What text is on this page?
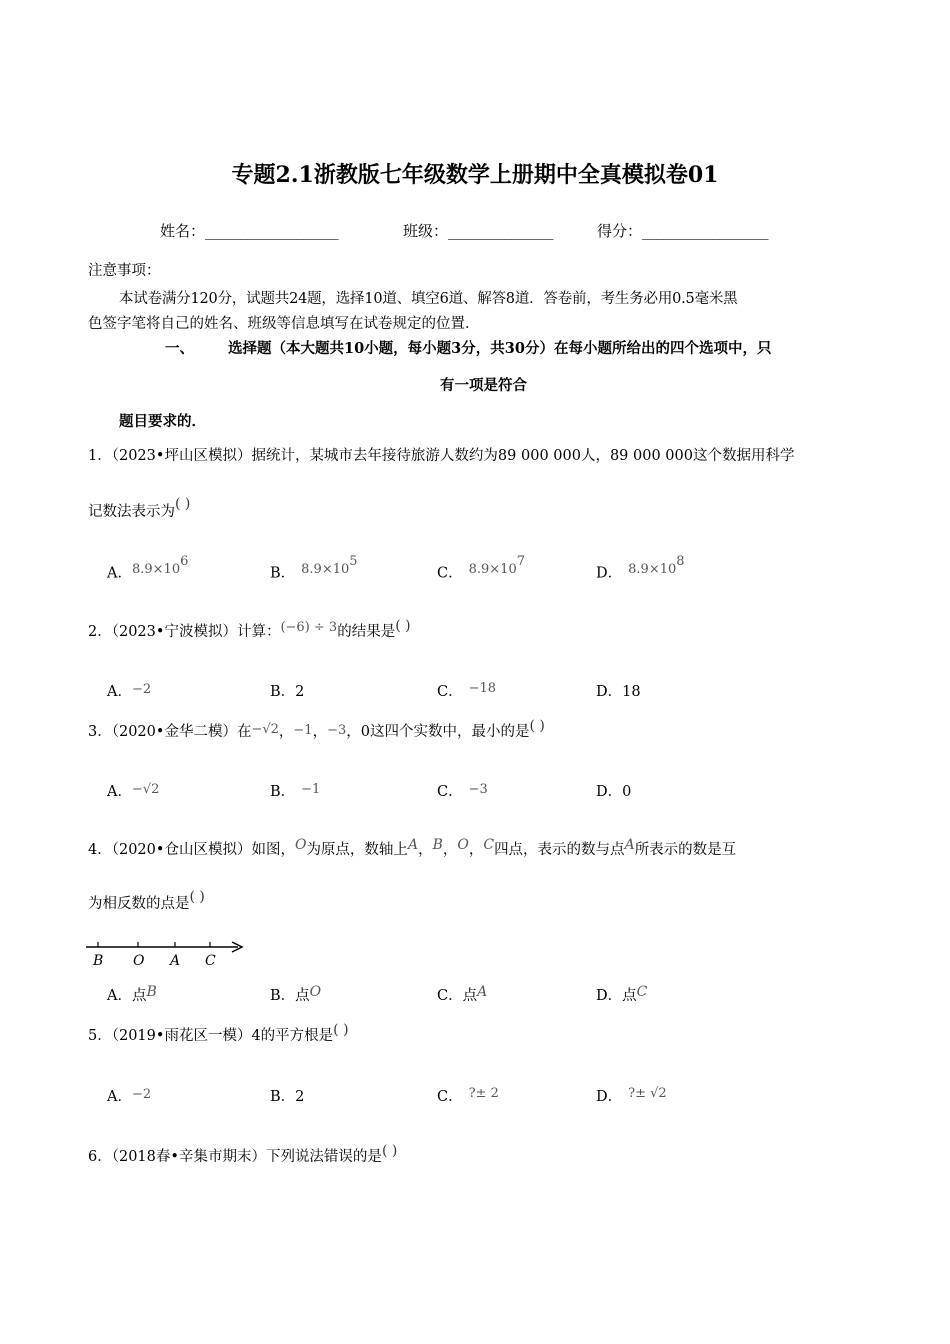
专题2.1浙教版七年级数学上册期中全真模拟卷01
姓名：___________________	班级：_______________	得分：__________________
注意事项：
本试卷满分120分，试题共24题，选择10道、填空6道、解答8道．答卷前，考生务必用0.5毫米黑
色签字笔将自己的姓名、班级等信息填写在试卷规定的位置．
一、 选择题（本大题共10小题，每小题3分，共30分）在每小题所给出的四个选项中，只
有一项是符合
题目要求的．
1．（2023•坪山区模拟）据统计，某城市去年接待旅游人数约为89 000 000人，89 000 000这个数据用科学
记数法表示为( )
A．$^{8.9\times 106}$
B． $^{8.9\times 105}$
C． $^{8.9\times 107}$
D． $^{8.9\times 108}$
2．（2023•宁波模拟）计算：(−6) ÷ 3的结果是( )
A．−2	B．2	C． $^{-18}$	D．18
3．（2020•金华二模）在−√2，−1，−3，0这四个实数中，最小的是( )
A．−√2	B． −1	C． −3	D．0
4．（2020•仓山区模拟）如图，O为原点，数轴上A，B，O，C四点，表示的数与点A所表示的数是互
为相反数的点是( )
B O A C
A．点B	B．点O	C．点A	D．点C
5．（2019•雨花区一模）4的平方根是( )
A．−2	B．2	C． $^{?\pm 2}$	D． $^{?\pm √2}$
6．（2018春•辛集市期末）下列说法错误的是( )
